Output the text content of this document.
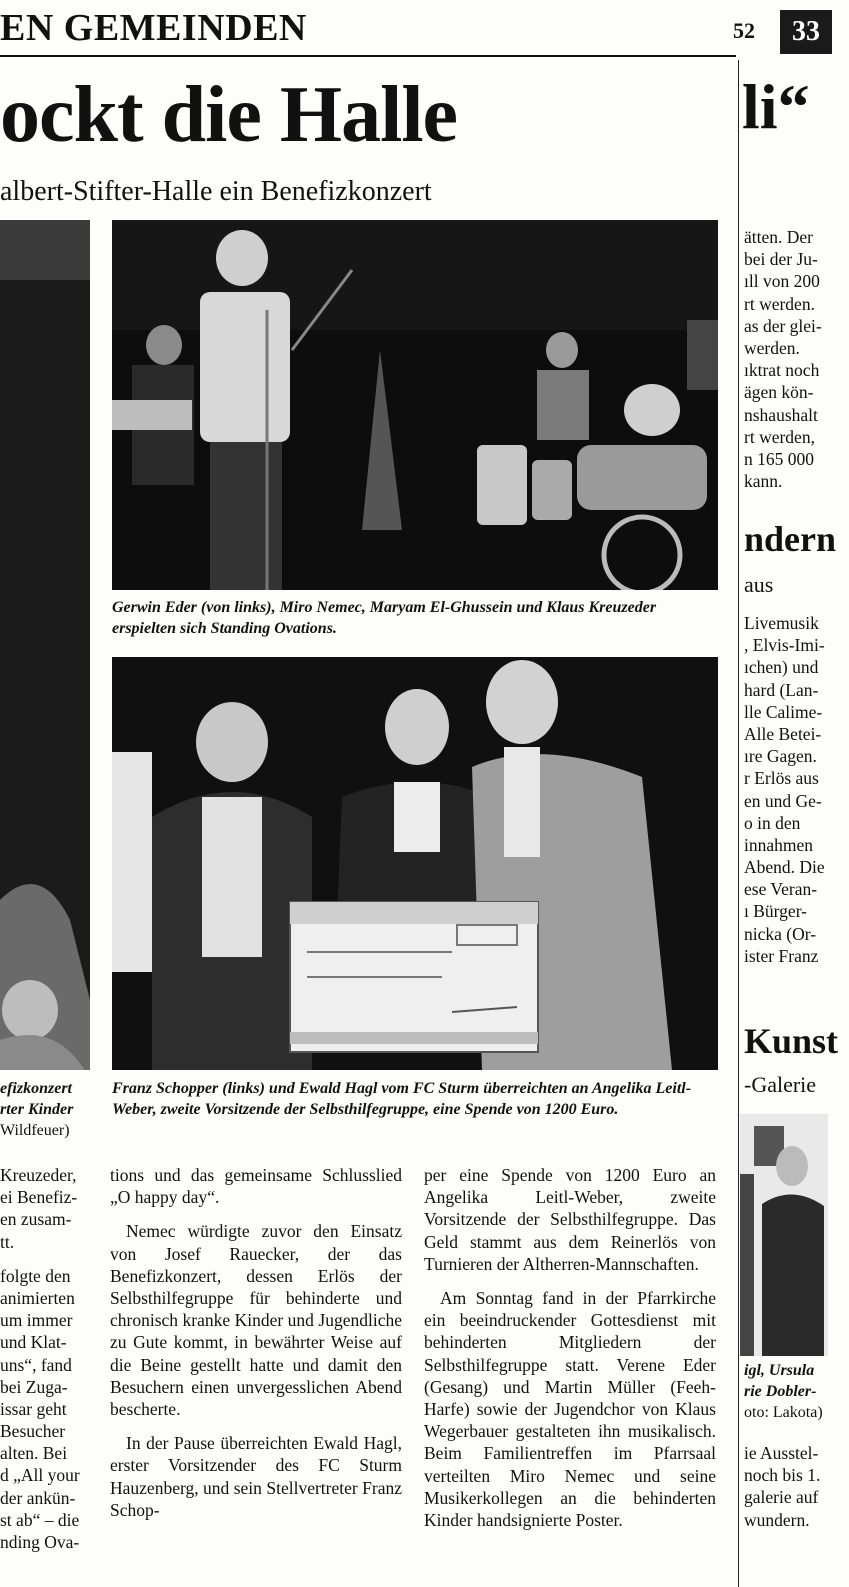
EN GEMEINDEN	52	33
ockt die Halle	li“
albert-Stifter-Halle ein Benefizkonzert
Gerwin Eder (von links), Miro Nemec, Maryam El-Ghussein und Klaus Kreuzeder erspielten sich Standing Ovations.
Franz Schopper (links) und Ewald Hagl vom FC Sturm überreichten an Angelika Leitl-Weber, zweite Vorsitzende der Selbsthilfegruppe, eine Spende von 1200 Euro.
efizkonzert
rter Kinder
Wildfeuer)
Kreuzeder,
ei Benefiz-
en zusam-
tt.
folgte den
animierten
um immer
und Klat-
uns“, fand
bei Zuga-
issar geht
Besucher
alten. Bei
d „All your
der ankün-
st ab“ – die
nding Ova-

tions und das gemeinsame Schlusslied „O happy day“.

Nemec würdigte zuvor den Einsatz von Josef Rauecker, der das Benefizkonzert, dessen Erlös der Selbsthilfegruppe für behinderte und chronisch kranke Kinder und Jugendliche zu Gute kommt, in bewährter Weise auf die Beine gestellt hatte und damit den Besuchern einen unvergesslichen Abend bescherte.

In der Pause überreichten Ewald Hagl, erster Vorsitzender des FC Sturm Hauzenberg, und sein Stellvertreter Franz Schop-

per eine Spende von 1200 Euro an Angelika Leitl-Weber, zweite Vorsitzende der Selbsthilfegruppe. Das Geld stammt aus dem Reinerlös von Turnieren der Altherren-Mannschaften.

Am Sonntag fand in der Pfarrkirche ein beeindruckender Gottesdienst mit behinderten Mitgliedern der Selbsthilfegruppe statt. Verene Eder (Gesang) und Martin Müller (Feeh-Harfe) sowie der Jugendchor von Klaus Wegerbauer gestalteten ihn musikalisch. Beim Familientreffen im Pfarrsaal verteilten Miro Nemec und seine Musikerkollegen an die behinderten Kinder handsignierte Poster.

ätten. Der
bei der Ju-
ıll von 200
rt werden.
as der glei-
werden.
ıktrat noch
ägen kön-
nshaushalt
rt werden,
n 165 000
kann.
ndern
aus
Livemusik
, Elvis-Imi-
ıchen) und
hard (Lan-
lle Calime-
Alle Betei-
ıre Gagen.
r Erlös aus
en und Ge-
o in den
innahmen
Abend. Die
ese Veran-
ı Bürger-
nicka (Or-
ister Franz
Kunst
-Galerie
igl, Ursula
rie Dobler-
oto: Lakota)
ie Ausstel-
noch bis 1.
galerie auf
wundern.
